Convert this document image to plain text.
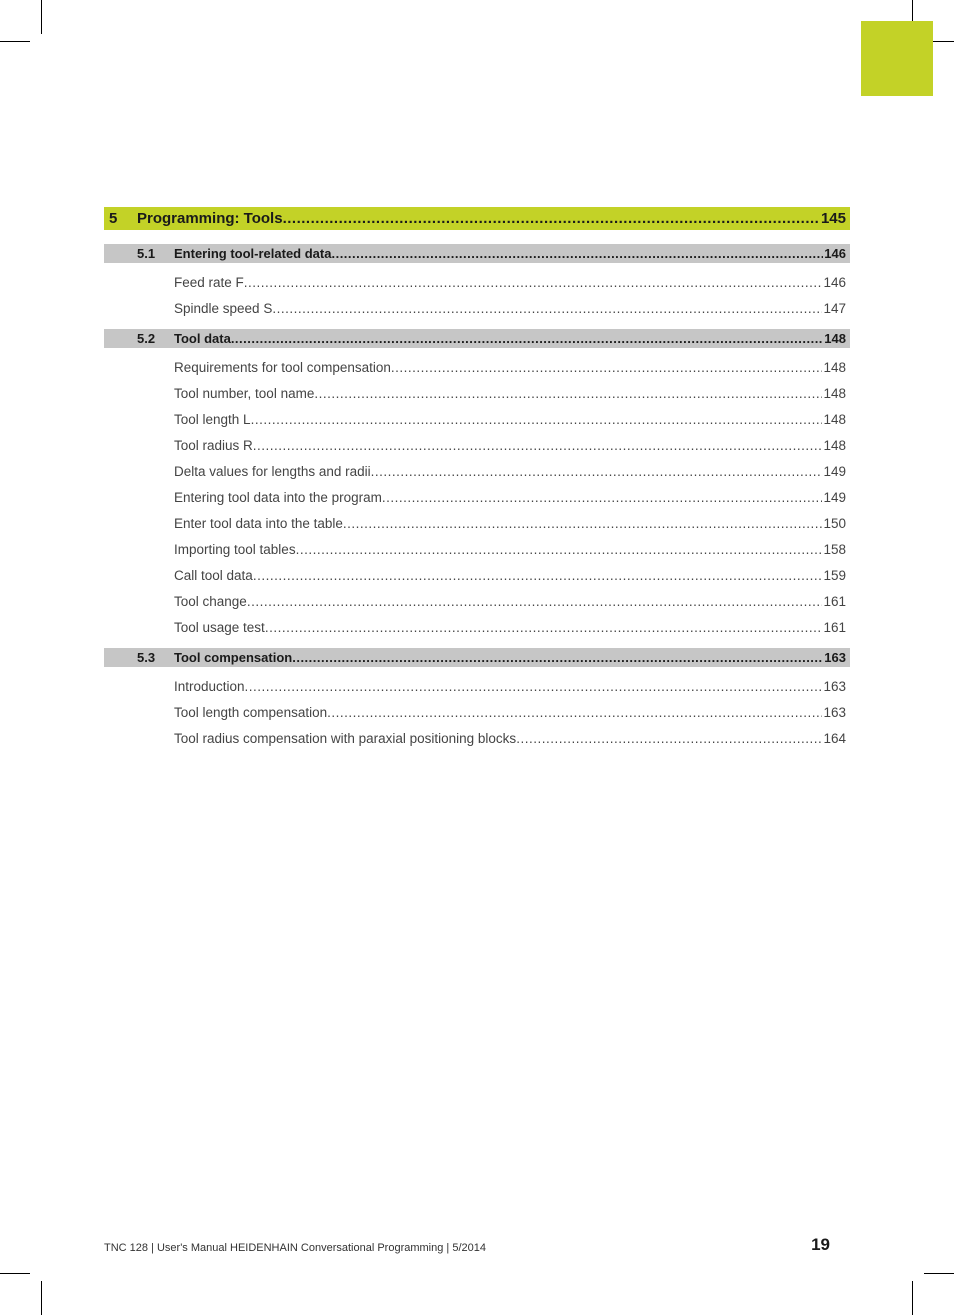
5	Programming: Tools .....	145
5.1	Entering tool-related data .....	146
Feed rate F .....	146
Spindle speed S .....	147
5.2	Tool data .....	148
Requirements for tool compensation .....	148
Tool number, tool name .....	148
Tool length L .....	148
Tool radius R .....	148
Delta values for lengths and radii .....	149
Entering tool data into the program .....	149
Enter tool data into the table .....	150
Importing tool tables .....	158
Call tool data .....	159
Tool change .....	161
Tool usage test .....	161
5.3	Tool compensation .....	163
Introduction .....	163
Tool length compensation .....	163
Tool radius compensation with paraxial positioning blocks .....	164
TNC 128 | User's Manual HEIDENHAIN Conversational Programming | 5/2014	19
